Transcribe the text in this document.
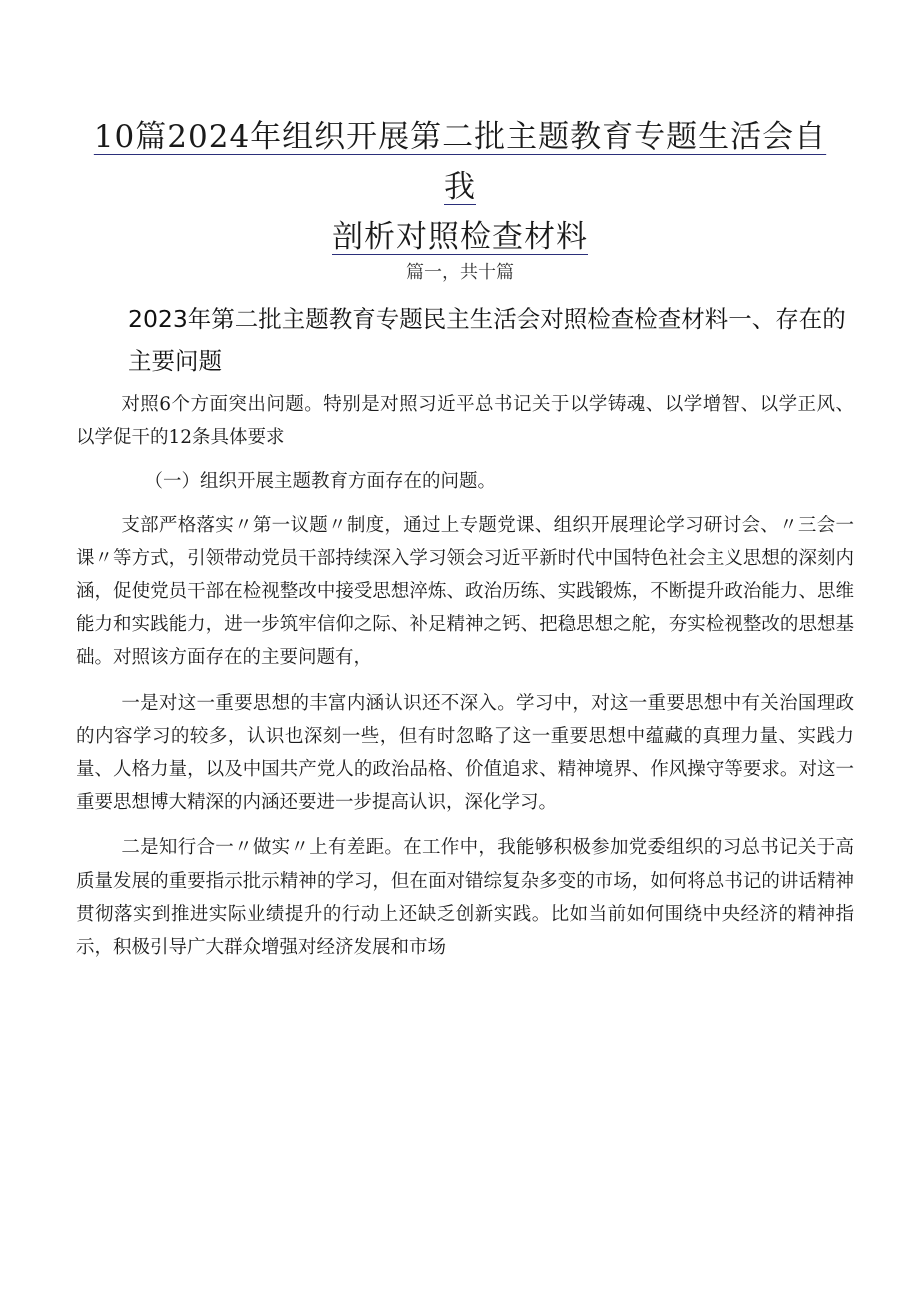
10篇2024年组织开展第二批主题教育专题生活会自我
剖析对照检查材料
篇一，共十篇
2023年第二批主题教育专题民主生活会对照检查检查材料一、存在的主要问题

对照6个方面突出问题。特别是对照习近平总书记关于以学铸魂、以学增智、以学正风、以学促干的12条具体要求

（一）组织开展主题教育方面存在的问题。

支部严格落实〃第一议题〃制度，通过上专题党课、组织开展理论学习研讨会、〃三会一课〃等方式，引领带动党员干部持续深入学习领会习近平新时代中国特色社会主义思想的深刻内涵，促使党员干部在检视整改中接受思想淬炼、政治历练、实践锻炼，不断提升政治能力、思维能力和实践能力，进一步筑牢信仰之际、补足精神之钙、把稳思想之舵，夯实检视整改的思想基础。对照该方面存在的主要问题有，

一是对这一重要思想的丰富内涵认识还不深入。学习中，对这一重要思想中有关治国理政的内容学习的较多，认识也深刻一些，但有时忽略了这一重要思想中蕴藏的真理力量、实践力量、人格力量，以及中国共产党人的政治品格、价值追求、精神境界、作风操守等要求。对这一重要思想博大精深的内涵还要进一步提高认识，深化学习。

二是知行合一〃做实〃上有差距。在工作中，我能够积极参加党委组织的习总书记关于高质量发展的重要指示批示精神的学习，但在面对错综复杂多变的市场，如何将总书记的讲话精神贯彻落实到推进实际业绩提升的行动上还缺乏创新实践。比如当前如何围绕中央经济的精神指示，积极引导广大群众增强对经济发展和市场
